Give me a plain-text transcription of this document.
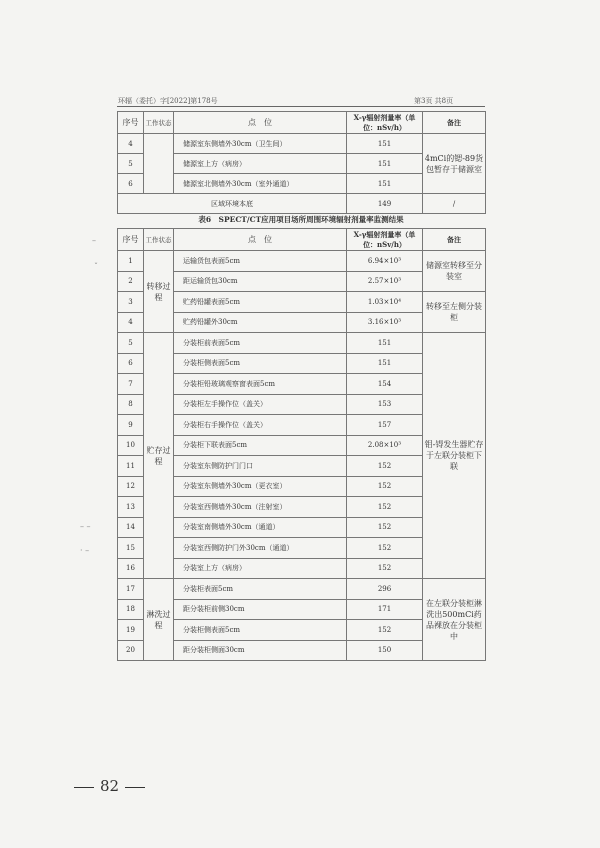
环辐（委托）字[2022]第178号	第3页 共8页
序号	工作状态	点　位	X-γ辐射剂量率（单位：nSv/h）	备注
4		储源室东侧墙外30cm（卫生间）	151	4mCi的锶-89货包暂存于储源室
5		储源室上方（病房）	151	
6		储源室北侧墙外30cm（室外通道）	151	
区域环境本底			149	/
表6　SPECT/CT应用项目场所周围环境辐射剂量率监测结果
序号	工作状态	点　位	X-γ辐射剂量率（单位：nSv/h）	备注
1	转移过程	运输货包表面5cm	6.94×10³	储源室转移至分装室
2		距运输货包30cm	2.57×10³	
3		贮药铅罐表面5cm	1.03×10⁴	转移至左侧分装柜
4		贮药铅罐外30cm	3.16×10³	
5	贮存过程	分装柜前表面5cm	151	钼-锝发生器贮存于左联分装柜下联
6		分装柜侧表面5cm	151	
7		分装柜铅玻璃观察窗表面5cm	154	
8		分装柜左手操作位（盖关）	153	
9		分装柜右手操作位（盖关）	157	
10		分装柜下联表面5cm	2.08×10³	
11		分装室东侧防护门门口	152	
12		分装室东侧墙外30cm（更衣室）	152	
13		分装室西侧墙外30cm（注射室）	152	
14		分装室南侧墙外30cm（通道）	152	
15		分装室西侧防护门外30cm（通道）	152	
16		分装室上方（病房）	152	
17	淋洗过程	分装柜表面5cm	296	在左联分装柜淋洗出500mCi药品裸放在分装柜中
18		距分装柜前侧30cm	171	
19		分装柜侧表面5cm	152	
20		距分装柜侧面30cm	150	
–
ˇ
– –
· –
82
